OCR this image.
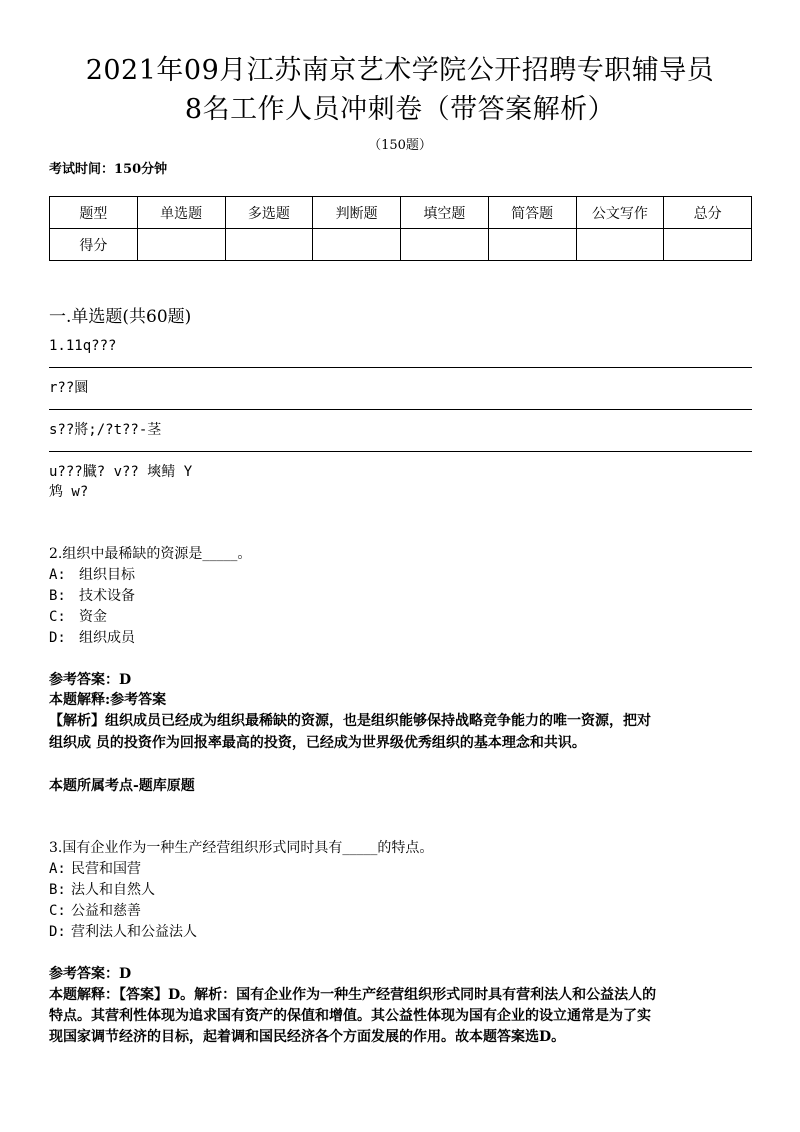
2021年09月江苏南京艺术学院公开招聘专职辅导员
8名工作人员冲刺卷（带答案解析）
（150题）
考试时间：150分钟
题型	单选题	多选题	判断题	填空题	简答题	公文写作	总分
得分							
一.单选题(共60题)
1.11q???
r??圜
s??將;/?t??-茎
u???臓? v?? 塽鲭 Y
鸩 w?
2.组织中最稀缺的资源是_____。
A: 组织目标
B: 技术设备
C: 资金
D: 组织成员
参考答案：D
本题解释:参考答案
【解析】组织成员已经成为组织最稀缺的资源，也是组织能够保持战略竞争能力的唯一资源，把对
组织成 员的投资作为回报率最高的投资，已经成为世界级优秀组织的基本理念和共识。
本题所属考点-题库原题
3.国有企业作为一种生产经营组织形式同时具有_____的特点。
A: 民营和国营
B: 法人和自然人
C: 公益和慈善
D: 营利法人和公益法人
参考答案：D
本题解释：【答案】D。解析：国有企业作为一种生产经营组织形式同时具有营利法人和公益法人的
特点。其营利性体现为追求国有资产的保值和增值。其公益性体现为国有企业的设立通常是为了实
现国家调节经济的目标，起着调和国民经济各个方面发展的作用。故本题答案选D。
